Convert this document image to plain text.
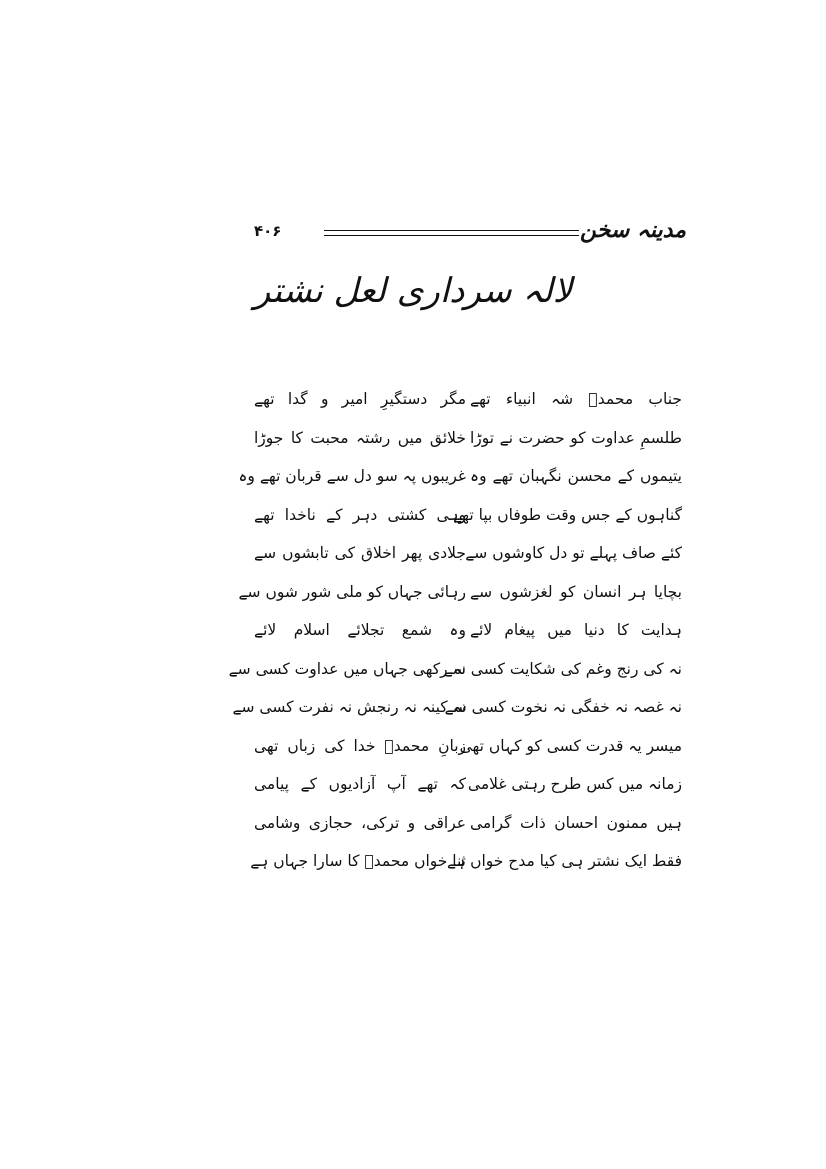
مدینہ سخن
۴۰۶
لالہ سرداری لعل نشتر
جناب محمدؐ شہ انبیاء تھے
طلسمِ عداوت کو حضرت نے توڑا
یتیموں کے محسن نگہبان تھے وہ
گناہوں کے جس وقت طوفاں بپا تھے
کئے صاف پہلے تو دل کاوشوں سے
بچایا ہر انسان کو لغزشوں سے
ہدایت کا دنیا میں پیغام لائے
نہ کی رنج وغم کی شکایت کسی سے
نہ غصہ نہ خفگی نہ نخوت کسی سے
میسر یہ قدرت کسی کو کہاں تھی
زمانہ میں کس طرح رہتی غلامی
ہیں ممنون احسان ذات گرامی
فقط ایک نشتر ہی کیا مدح خواں ہے
مگر دستگیرِ امیر و گدا تھے
خلائق میں رشتہ محبت کا جوڑا
غریبوں پہ سو دل سے قربان تھے وہ
وہی کشتی دہر کے ناخدا تھے
جلادی پھر اخلاق کی تابشوں سے
رہائی جہاں کو ملی شور شوں سے
وہ شمع تجلائے اسلام لائے
نہ رکھی جہاں میں عداوت کسی سے
نہ کینہ نہ رنجش نہ نفرت کسی سے
زبانِ محمدؐ خدا کی زباں تھی
کہ تھے آپ آزادیوں کے پیامی
عراقی و ترکی، حجازی وشامی
ثنا خواں محمدؐ کا سارا جہاں ہے
